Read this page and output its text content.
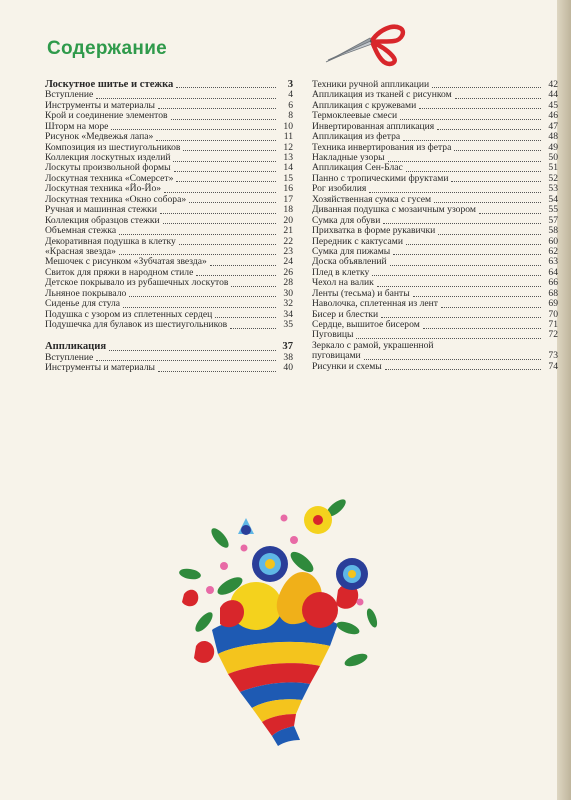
Содержание
Лоскутное шитье и стежка	3
Вступление	4
Инструменты и материалы	6
Крой и соединение элементов	8
Шторм на море	10
Рисунок «Медвежья лапа»	11
Композиция из шестиугольников	12
Коллекция лоскутных изделий	13
Лоскуты произвольной формы	14
Лоскутная техника «Сомерсет»	15
Лоскутная техника «Йо-Йо»	16
Лоскутная техника «Окно собора»	17
Ручная и машинная стежки	18
Коллекция образцов стежки	20
Объемная стежка	21
Декоративная подушка в клетку	22
«Красная звезда»	23
Мешочек с рисунком «Зубчатая звезда»	24
Свиток для пряжи в народном стиле	26
Детское покрывало из рубашечных лоскутов	28
Льняное покрывало	30
Сиденье для стула	32
Подушка с узором из сплетенных сердец	34
Подушечка для булавок из шестиугольников	35
Аппликация	37
Вступление	38
Инструменты и материалы	40
Техники ручной аппликации	42
Аппликация из тканей с рисунком	44
Аппликация с кружевами	45
Термоклеевые смеси	46
Инвертированная аппликация	47
Аппликация из фетра	48
Техника инвертирования из фетра	49
Накладные узоры	50
Аппликация Сен-Блас	51
Панно с тропическими фруктами	52
Рог изобилия	53
Хозяйственная сумка с гусем	54
Диванная подушка с мозаичным узором	55
Сумка для обуви	57
Прихватка в форме рукавички	58
Передник с кактусами	60
Сумка для пижамы	62
Доска объявлений	63
Плед в клетку	64
Чехол на валик	66
Ленты (тесьма) и банты	68
Наволочка, сплетенная из лент	69
Бисер и блестки	70
Сердце, вышитое бисером	71
Пуговицы	72
Зеркало с рамой, украшенной
пуговицами	73
Рисунки и схемы	74
